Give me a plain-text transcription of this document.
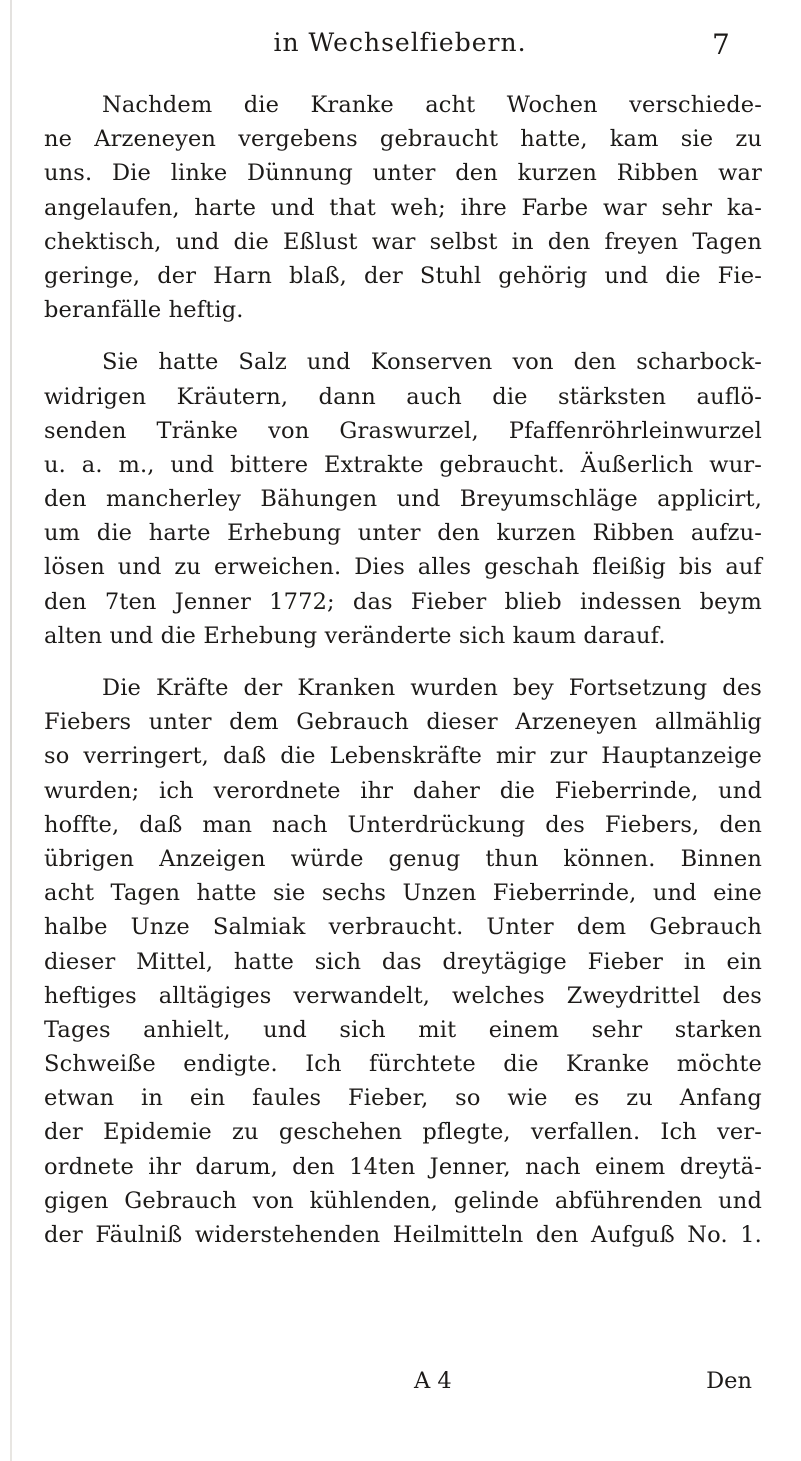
in Wechselfiebern.	7
Nachdem die Kranke acht Wochen verschiede-
ne Arzeneyen vergebens gebraucht hatte, kam sie zu
uns. Die linke Dünnung unter den kurzen Ribben war
angelaufen, harte und that weh; ihre Farbe war sehr ka-
chektisch, und die Eßlust war selbst in den freyen Tagen
geringe, der Harn blaß, der Stuhl gehörig und die Fie-
beranfälle heftig.
Sie hatte Salz und Konserven von den scharbock-
widrigen Kräutern, dann auch die stärksten auflö-
senden Tränke von Graswurzel, Pfaffenröhrleinwurzel
u. a. m., und bittere Extrakte gebraucht. Äußerlich wur-
den mancherley Bähungen und Breyumschläge applicirt,
um die harte Erhebung unter den kurzen Ribben aufzu-
lösen und zu erweichen. Dies alles geschah fleißig bis auf
den 7ten Jenner 1772; das Fieber blieb indessen beym
alten und die Erhebung veränderte sich kaum darauf.
Die Kräfte der Kranken wurden bey Fortsetzung des
Fiebers unter dem Gebrauch dieser Arzeneyen allmählig
so verringert, daß die Lebenskräfte mir zur Hauptanzeige
wurden; ich verordnete ihr daher die Fieberrinde, und
hoffte, daß man nach Unterdrückung des Fiebers, den
übrigen Anzeigen würde genug thun können. Binnen
acht Tagen hatte sie sechs Unzen Fieberrinde, und eine
halbe Unze Salmiak verbraucht. Unter dem Gebrauch
dieser Mittel, hatte sich das dreytägige Fieber in ein
heftiges alltägiges verwandelt, welches Zweydrittel des
Tages anhielt, und sich mit einem sehr starken
Schweiße endigte. Ich fürchtete die Kranke möchte
etwan in ein faules Fieber, so wie es zu Anfang
der Epidemie zu geschehen pflegte, verfallen. Ich ver-
ordnete ihr darum, den 14ten Jenner, nach einem dreytä-
gigen Gebrauch von kühlenden, gelinde abführenden und
der Fäulniß widerstehenden Heilmitteln den Aufguß No. 1.
A 4	Den
